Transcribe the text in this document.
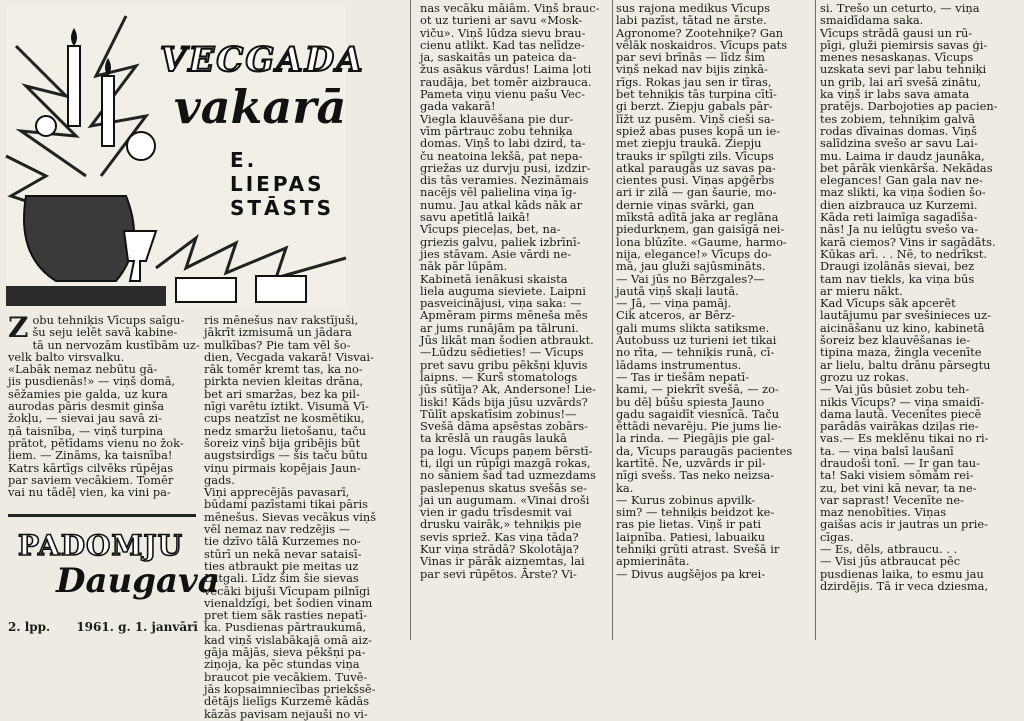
VECGADA
vakarā
E. LIEPAS
STĀSTS
Zobu tehniķis Vīcups saīgu-
šu seju ielēt savā kabine-
tā un nervozām kustībām uz-
velk balto virsvalku.
«Labāk nemaz nebūtu gā-
jis pusdienās!» — viņš domā,
sēžamies pie galda, uz kura
aurodas pāris desmit ginša
žokļu, — sievai jau savā zi-
ņā taisnība, — viņš turpina
prātot, pētīdams vienu no žok-
ļiem. — Zināms, ka taisnība!
Katrs kārtīgs cilvēks rūpējas
par saviem vecākiem. Tomēr
vai nu tādēļ vien, ka vini pa-
ris mēnešus nav rakstījuši,
jākrīt izmisumā un jādara
mulkības? Pie tam vēl šo-
dien, Vecgada vakarā! Visvai-
rāk tomēr kremt tas, ka no-
pirkta nevien kleitas drāna,
bet ari smaržas, bez ka pil-
nīgi varētu iztikt. Visumā Vī-
cups neatzīst ne kosmētiku,
nedz smaržu lietošanu, taču
šoreiz viņš bija gribējis būt
augstsirdīgs — šis taču būtu
viņu pirmais kopējais Jaun-
gads.
Viņi apprecējās pavasarī,
būdami pazīstami tikai pāris
mēnešus. Sievas vecākus viņš
vēl nemaz nav redzējis —
tie dzīvo tālā Kurzemes no-
stūrī un nekā nevar sataisī-
ties atbraukt pie meitas uz
Latgali. Līdz šim šie sievas
vecāki bijuši Vīcupam pilnīgi
vienaldzīgi, bet šodien vinam
pret tiem sāk rasties nepatī-
ka. Pusdienas pārtraukumā,
kad viņš vislabākajā omā aiz-
gāja mājās, sieva pēkšņi pa-
ziņoja, ka pēc stundas viņa
braucot pie vecākiem. Tuvē-
jās kopsaimniecības priekšsē-
dētājs lielīgs Kurzemē kādās
kāzās pavisam nejauši no vi-
nas vecāku māiām. Viņš brauc-
ot uz turieni ar savu «Mosk-
viču». Viņš lūdza sievu brau-
cienu atlikt. Kad tas nelīdze-
ja, saskaitās un pateica da-
žus asākus vārdus! Laima ļoti
raudāja, bet tomēr aizbrauca.
Pameta viņu vienu pašu Vec-
gada vakarā!
Viegla klauvēšana pie dur-
vīm pārtrauc zobu tehniķa
domas. Viņš to labi dzird, ta-
ču neatoina lekšā, pat nepa-
griežas uz durvju pusi, izdzir-
dis tās veramies. Nezināmais
nacējs vēl palielina viņa īg-
numu. Jau atkal kāds nāk ar
savu apetītlā laikā!
Vīcups pieceļas, bet, na-
griezis galvu, paliek izbrīnī-
jies stāvam. Asie vārdi ne-
nāk pār lūpām.
Kabinetā ienākusi skaista
liela auguma sieviete. Laipni
pasveicinājusi, viņa saka: —
Apmēram pirms mēneša mēs
ar jums runājām pa tālruni.
Jūs likāt man šodien atbraukt.
—Lūdzu sēdieties! — Vīcups
pret savu gribu pēkšņi kļuvis
laipns. — Kurš stomatologs
jūs sūtīja? Ak, Andersone! Lie-
liski! Kāds bija jūsu uzvārds?
Tūlīt apskatīsim zobinus!—
Svešā dāma apsēstas zobārs-
ta krēslā un raugās laukā
pa logu. Vīcups paņem bērstī-
ti, ilgi un rūpīgi mazgā rokas,
no sāniem šad tad uzmezdams
paslepenus skatus svešās se-
jai un augumam. «Vinai droši
vien ir gadu trīsdesmit vai
drusku vairāk,» tehniķis pie
sevis spriež. Kas viņa tāda?
Kur viņa strādā? Skolotāja?
Vinas ir pārāk aizņemtas, lai
par sevi rūpētos. Ārste? Vi-
sus rajona medikus Vīcups
labi pazīst, tātad ne ārste.
Agronome? Zootehniķe? Gan
vēlāk noskaidros. Vīcups pats
par sevi brīnās — līdz šim
viņš nekad nav bijis ziņkā-
rīgs. Rokas jau sen ir tīras,
bet tehniķis tās turpina cītī-
gi berzt. Ziepju gabals pār-
līžt uz pusēm. Viņš cieši sa-
spiež abas puses kopā un ie-
met ziepju traukā. Ziepju
trauks ir spīlgti zils. Vīcups
atkal paraugās uz savas pa-
cientes pusi. Viņas apģērbs
ari ir zilā — gan šaurie, mo-
dernie viņas svārki, gan
mīkstā adītā jaka ar reglāna
piedurkņem, gan gaisīgā nei-
lona blūzīte. «Gaume, harmo-
nija, elegance!» Vīcups do-
mā, jau gluži sajūsmināts.
— Vai jūs no Bērzgales?—
jautā viņš skaļi lautā.
— Jā, — viņa pamāj.
Cik atceros, ar Bērz-
gali mums slikta satiksme.
Autobuss uz turieni iet tikai
no rīta, — tehniķis runā, cī-
lādams instrumentus.
— Tas ir tiešām nepatī-
kami, — piekrīt svešā, — zo-
bu dēļ būšu spiesta Jauno
gadu sagaidīt viesnīcā. Taču
ēttādi nevarēju. Pie jums lie-
la rinda. — Piegājis pie gal-
da, Vīcups paraugās pacientes
kartītē. Ne, uzvārds ir pil-
nīgi svešs. Tas neko neizsa-
ka.
— Kurus zobinus apvilk-
sim? — tehniķis beidzot ke-
ras pie lietas. Viņš ir pati
laipnība. Patiesi, labuaiku
tehniķi grūti atrast. Svešā ir
apmierināta.
— Divus augšējos pa krei-
si. Trešo un ceturto, — viņa
smaidīdama saka.
Vīcups strādā gausi un rū-
pīgi, gluži piemirsis savas ģi-
menes nesaskaņas. Vīcups
uzskata sevi par labu tehniķi
un grib, lai arī svešā zinātu,
ka viņš ir labs sava amata
pratējs. Darbojoties ap pacien-
tes zobiem, tehniķim galvā
rodas dīvainas domas. Viņš
salīdzina svešo ar savu Lai-
mu. Laima ir daudz jaunāka,
bet pārāk vienkārša. Nekādas
elegances! Gan gala nav ne-
maz slikti, ka viņa šodien šo-
dien aizbrauca uz Kurzemi.
Kāda reti laimīga sagadīša-
nās! Ja nu ielūgtu svešo va-
karā ciemos? Vins ir sagādāts.
Kūkas arī. . . Nē, to nedrīkst.
Draugi izolānās sievai, bez
tam nav tiekls, ka viņa būs
ar mieru nākt.
Kad Vīcups sāk apcerēt
lautājumu par svešinieces uz-
aicināšanu uz kino, kabinetā
šoreiz bez klauvēšanas ie-
tipina maza, žingla vecenīte
ar lielu, baltu drānu pārsegtu
grozu uz rokas.
— Vai jūs būsiet zobu teh-
nikis Vīcups? — viņa smaidī-
dama lautā. Vecenītes piecē
parādās vairākas dziļas rie-
vas.— Es meklēnu tikai no ri-
ta. — viņa balsī laušanī
draudoši tonī. — Ir gan tau-
ta! Saki visiem sōmām rei-
zu, bet vini kā nevar, ta ne-
var saprast! Vecenīte ne-
maz nenobīties. Viņas
gaišas acis ir jautras un prie-
cīgas.
— Es, dēls, atbraucu. . .
— Visi jūs atbraucat pēc
pusdienas laika, to esmu jau
dzirdējis. Tā ir veca dziesma,
PADOMJU
Daugava
2. lpp. 1961. g. 1. janvārī
